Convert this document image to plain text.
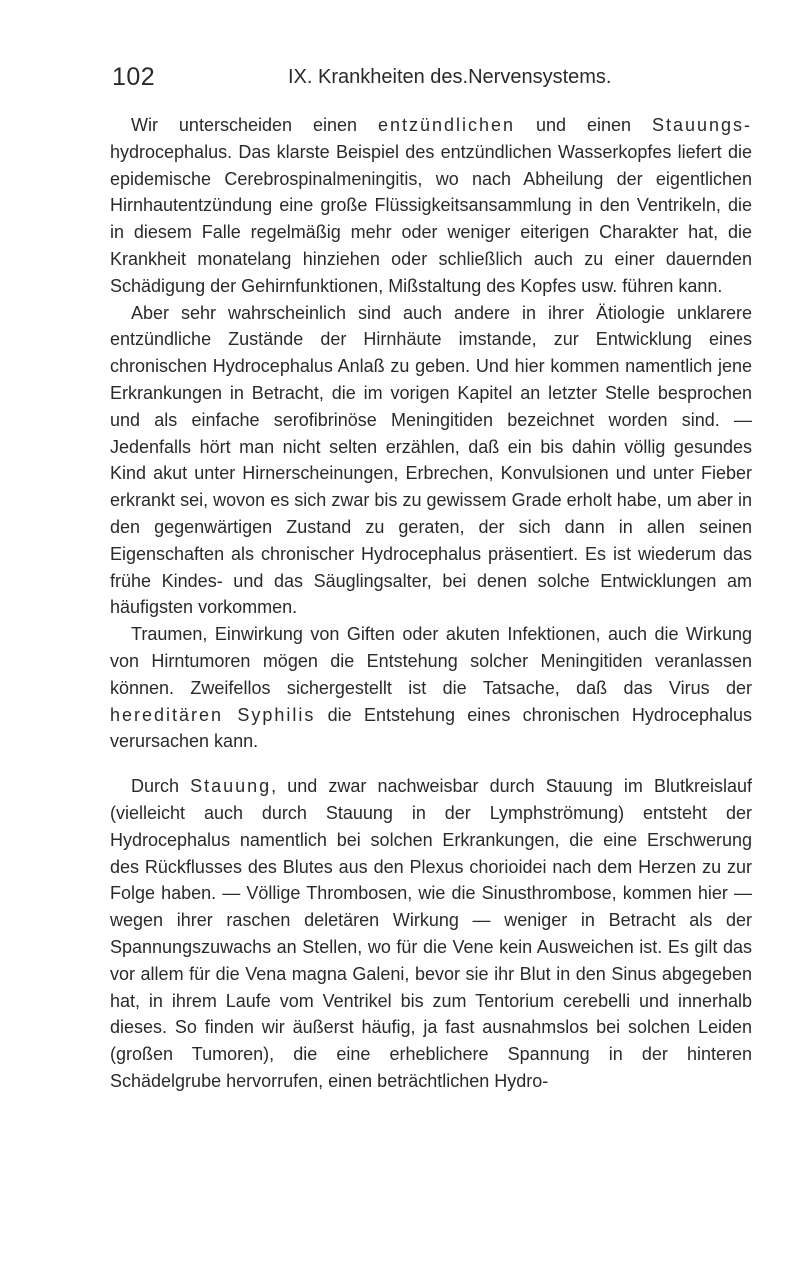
102	IX. Krankheiten des.Nervensystems.

Wir unterscheiden einen entzündlichen und einen Stauungs- hydrocephalus. Das klarste Beispiel des entzündlichen Wasserkopfes liefert die epidemische Cerebrospinalmeningitis, wo nach Abheilung der eigentlichen Hirnhautentzündung eine große Flüssigkeitsansammlung in den Ventrikeln, die in diesem Falle regelmäßig mehr oder weniger eiterigen Charakter hat, die Krankheit monatelang hinziehen oder schließlich auch zu einer dauernden Schädigung der Gehirnfunktionen, Mißstaltung des Kopfes usw. führen kann.

Aber sehr wahrscheinlich sind auch andere in ihrer Ätiologie unklarere entzündliche Zustände der Hirnhäute imstande, zur Entwicklung eines chronischen Hydrocephalus Anlaß zu geben. Und hier kommen namentlich jene Erkrankungen in Betracht, die im vorigen Kapitel an letzter Stelle besprochen und als einfache serofibrinöse Meningitiden bezeichnet worden sind. — Jedenfalls hört man nicht selten erzählen, daß ein bis dahin völlig gesundes Kind akut unter Hirnerscheinungen, Erbrechen, Konvulsionen und unter Fieber erkrankt sei, wovon es sich zwar bis zu gewissem Grade erholt habe, um aber in den gegenwärtigen Zustand zu geraten, der sich dann in allen seinen Eigenschaften als chronischer Hydrocephalus präsentiert. Es ist wiederum das frühe Kindes- und das Säuglingsalter, bei denen solche Entwicklungen am häufigsten vorkommen.

Traumen, Einwirkung von Giften oder akuten Infektionen, auch die Wirkung von Hirntumoren mögen die Entstehung solcher Meningitiden veranlassen können. Zweifellos sichergestellt ist die Tatsache, daß das Virus der hereditären Syphilis die Entstehung eines chronischen Hydrocephalus verursachen kann.

Durch Stauung, und zwar nachweisbar durch Stauung im Blutkreislauf (vielleicht auch durch Stauung in der Lymphströmung) entsteht der Hydrocephalus namentlich bei solchen Erkrankungen, die eine Erschwerung des Rückflusses des Blutes aus den Plexus chorioidei nach dem Herzen zu zur Folge haben. — Völlige Thrombosen, wie die Sinusthrombose, kommen hier — wegen ihrer raschen deletären Wirkung — weniger in Betracht als der Spannungszuwachs an Stellen, wo für die Vene kein Ausweichen ist. Es gilt das vor allem für die Vena magna Galeni, bevor sie ihr Blut in den Sinus abgegeben hat, in ihrem Laufe vom Ventrikel bis zum Tentorium cerebelli und innerhalb dieses. So finden wir äußerst häufig, ja fast ausnahmslos bei solchen Leiden (großen Tumoren), die eine erheblichere Spannung in der hinteren Schädelgrube hervorrufen, einen beträchtlichen Hydro-
